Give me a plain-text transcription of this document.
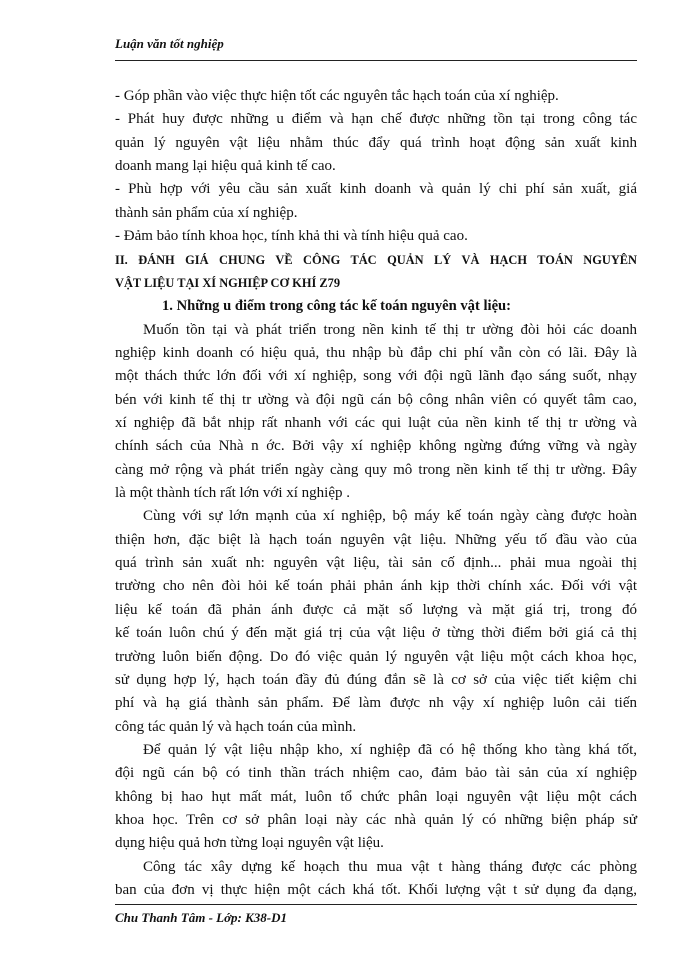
Luận văn tốt nghiệp
- Góp phần vào việc thực hiện tốt các nguyên tắc hạch toán của xí nghiệp.
- Phát huy được những u điểm và hạn chế được những tồn tại trong công tác
quản lý nguyên vật liệu nhằm thúc đẩy quá trình hoạt động sản xuất kinh
doanh mang lại hiệu quả kinh tế cao.
- Phù hợp với yêu cầu sản xuất kinh doanh và quản lý chi phí sản xuất, giá
thành sản phẩm của xí nghiệp.
- Đảm bảo tính khoa học, tính khả thi và tính hiệu quả cao.
II. ĐÁNH GIÁ CHUNG VỀ CÔNG TÁC QUẢN LÝ VÀ HẠCH TOÁN NGUYÊN
VẬT LIỆU TẠI XÍ NGHIỆP CƠ KHÍ Z79
1. Những u điểm trong công tác kế toán nguyên vật liệu:
Muốn tồn tại và phát triển trong nền kinh tế thị tr ường đòi hỏi các doanh
nghiệp kinh doanh có hiệu quả, thu nhập bù đắp chi phí vẫn còn có lãi. Đây là
một thách thức lớn đối với xí nghiệp, song với đội ngũ lãnh đạo sáng suốt, nhạy
bén với kinh tế thị tr ường và đội ngũ cán bộ công nhân viên có quyết tâm cao,
xí nghiệp đã bắt nhịp rất nhanh với các qui luật của nền kinh tế thị tr ường và
chính sách của Nhà n ớc. Bởi vậy xí nghiệp không ngừng đứng vững và ngày
càng mở rộng và phát triển ngày càng quy mô trong nền kinh tế thị tr ường. Đây
là một thành tích rất lớn với xí nghiệp .
Cùng với sự lớn mạnh của xí nghiệp, bộ máy kế toán ngày càng được hoàn
thiện hơn, đặc biệt là hạch toán nguyên vật liệu. Những yếu tố đầu vào của
quá trình sản xuất nh: nguyên vật liệu, tài sản cố định... phải mua ngoài thị
trường cho nên đòi hỏi kế toán phải phản ánh kịp thời chính xác. Đối với vật
liệu kế toán đã phản ánh được cả mặt số lượng và mặt giá trị, trong đó
kế toán luôn chú ý đến mặt giá trị của vật liệu ở từng thời điểm bởi giá cả thị
trường luôn biến động. Do đó việc quản lý nguyên vật liệu một cách khoa học,
sử dụng hợp lý, hạch toán đầy đủ đúng đắn sẽ là cơ sở của việc tiết kiệm chi
phí và hạ giá thành sản phẩm. Để làm được nh vậy xí nghiệp luôn cải tiến
công tác quản lý và hạch toán của mình.
Để quản lý vật liệu nhập kho, xí nghiệp đã có hệ thống kho tàng khá tốt,
đội ngũ cán bộ có tinh thần trách nhiệm cao, đảm bảo tài sản của xí nghiệp
không bị hao hụt mất mát, luôn tổ chức phân loại nguyên vật liệu một cách
khoa học. Trên cơ sở phân loại này các nhà quản lý có những biện pháp sử
dụng hiệu quả hơn từng loại nguyên vật liệu.
Công tác xây dựng kế hoạch thu mua vật t hàng tháng được các phòng
ban của đơn vị thực hiện một cách khá tốt. Khối lượng vật t sử dụng đa dạng,
Chu Thanh Tâm - Lớp: K38-D1
